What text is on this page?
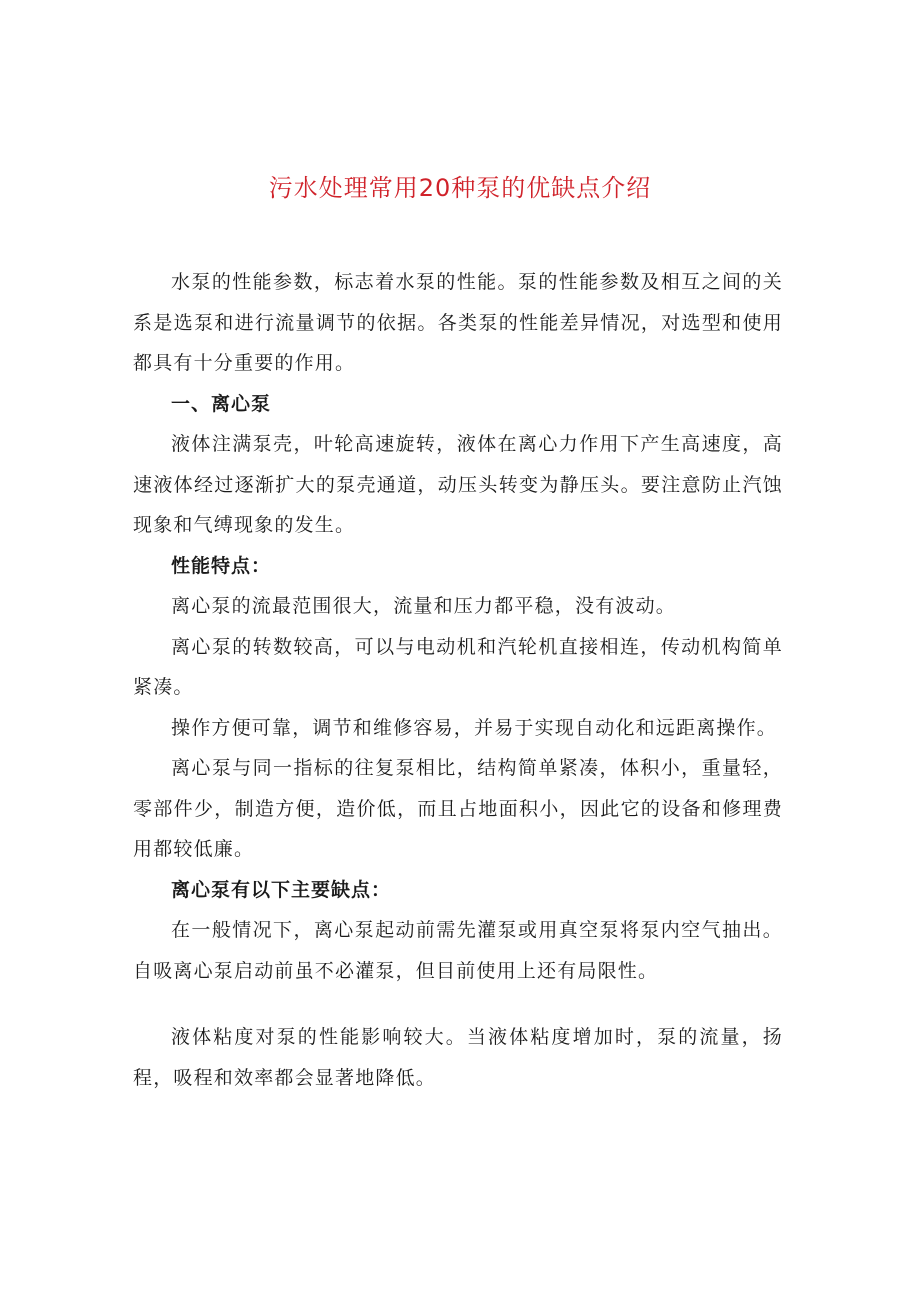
污水处理常用20种泵的优缺点介绍

水泵的性能参数，标志着水泵的性能。泵的性能参数及相互之间的关系是选泵和进行流量调节的依据。各类泵的性能差异情况，对选型和使用都具有十分重要的作用。

一、离心泵

液体注满泵壳，叶轮高速旋转，液体在离心力作用下产生高速度，高速液体经过逐渐扩大的泵壳通道，动压头转变为静压头。要注意防止汽蚀现象和气缚现象的发生。

性能特点：

离心泵的流最范围很大，流量和压力都平稳，没有波动。

离心泵的转数较高，可以与电动机和汽轮机直接相连，传动机构简单紧凑。

操作方便可靠，调节和维修容易，并易于实现自动化和远距离操作。

离心泵与同一指标的往复泵相比，结构简单紧凑，体积小，重量轻，零部件少，制造方便，造价低，而且占地面积小，因此它的设备和修理费用都较低廉。

离心泵有以下主要缺点：

在一般情况下，离心泵起动前需先灌泵或用真空泵将泵内空气抽出。自吸离心泵启动前虽不必灌泵，但目前使用上还有局限性。

液体粘度对泵的性能影响较大。当液体粘度增加时，泵的流量，扬程，吸程和效率都会显著地降低。
